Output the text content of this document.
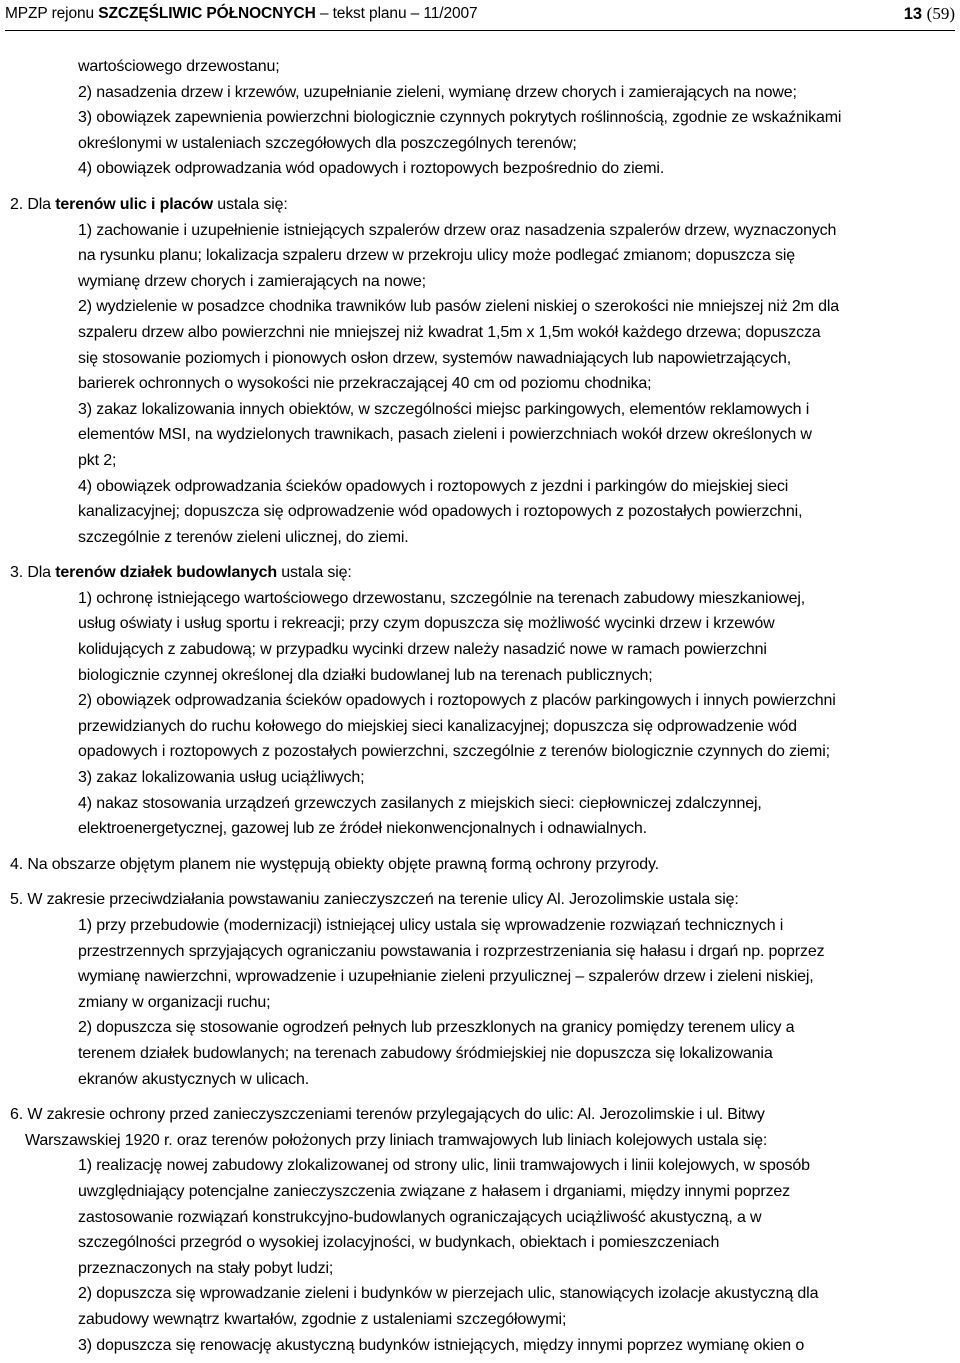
MPZP rejonu SZCZĘŚLIWIC PÓŁNOCNYCH – tekst planu – 11/2007	13 (59)
wartościowego drzewostanu;
2) nasadzenia drzew i krzewów, uzupełnianie zieleni, wymianę drzew chorych i zamierających na nowe;
3) obowiązek zapewnienia powierzchni biologicznie czynnych pokrytych roślinnością, zgodnie ze wskaźnikami
określonymi w ustaleniach szczegółowych dla poszczególnych terenów;
4) obowiązek odprowadzania wód opadowych i roztopowych bezpośrednio do ziemi.
2. Dla terenów ulic i placów ustala się:
1) zachowanie i uzupełnienie istniejących szpalerów drzew oraz nasadzenia szpalerów drzew, wyznaczonych
na rysunku planu; lokalizacja szpaleru drzew w przekroju ulicy może podlegać zmianom; dopuszcza się
wymianę drzew chorych i zamierających na nowe;
2) wydzielenie w posadzce chodnika trawników lub pasów zieleni niskiej o szerokości nie mniejszej niż 2m dla
szpaleru drzew albo powierzchni nie mniejszej niż kwadrat 1,5m x 1,5m wokół każdego drzewa; dopuszcza
się stosowanie poziomych i pionowych osłon drzew, systemów nawadniających lub napowietrzających,
barierek ochronnych o wysokości nie przekraczającej 40 cm od poziomu chodnika;
3) zakaz lokalizowania innych obiektów, w szczególności miejsc parkingowych, elementów reklamowych i
elementów MSI, na wydzielonych trawnikach, pasach zieleni i powierzchniach wokół drzew określonych w
pkt 2;
4) obowiązek odprowadzania ścieków opadowych i roztopowych z jezdni i parkingów do miejskiej sieci
kanalizacyjnej; dopuszcza się odprowadzenie wód opadowych i roztopowych z pozostałych powierzchni,
szczególnie z terenów zieleni ulicznej, do ziemi.
3. Dla terenów działek budowlanych ustala się:
1) ochronę istniejącego wartościowego drzewostanu, szczególnie na terenach zabudowy mieszkaniowej,
usług oświaty i usług sportu i rekreacji; przy czym dopuszcza się możliwość wycinki drzew i krzewów
kolidujących z zabudową; w przypadku wycinki drzew należy nasadzić nowe w ramach powierzchni
biologicznie czynnej określonej dla działki budowlanej lub na terenach publicznych;
2) obowiązek odprowadzania ścieków opadowych i roztopowych z placów parkingowych i innych powierzchni
przewidzianych do ruchu kołowego do miejskiej sieci kanalizacyjnej; dopuszcza się odprowadzenie wód
opadowych i roztopowych z pozostałych powierzchni, szczególnie z terenów biologicznie czynnych do ziemi;
3) zakaz lokalizowania usług uciążliwych;
4) nakaz stosowania urządzeń grzewczych zasilanych z miejskich sieci: ciepłowniczej zdalczynnej,
elektroenergetycznej, gazowej lub ze źródeł niekonwencjonalnych i odnawialnych.
4. Na obszarze objętym planem nie występują obiekty objęte prawną formą ochrony przyrody.
5. W zakresie przeciwdziałania powstawaniu zanieczyszczeń na terenie ulicy Al. Jerozolimskie ustala się:
1) przy przebudowie (modernizacji) istniejącej ulicy ustala się wprowadzenie rozwiązań technicznych i
przestrzennych sprzyjających ograniczaniu powstawania i rozprzestrzeniania się hałasu i drgań np. poprzez
wymianę nawierzchni, wprowadzenie i uzupełnianie zieleni przyulicznej – szpalerów drzew i zieleni niskiej,
zmiany w organizacji ruchu;
2) dopuszcza się stosowanie ogrodzeń pełnych lub przeszklonych na granicy pomiędzy terenem ulicy a
terenem działek budowlanych; na terenach zabudowy śródmiejskiej nie dopuszcza się lokalizowania
ekranów akustycznych w ulicach.
6. W zakresie ochrony przed zanieczyszczeniami terenów przylegających do ulic: Al. Jerozolimskie i ul. Bitwy
Warszawskiej 1920 r. oraz terenów położonych przy liniach tramwajowych lub liniach kolejowych ustala się:
1) realizację nowej zabudowy zlokalizowanej od strony ulic, linii tramwajowych i linii kolejowych, w sposób
uwzględniający potencjalne zanieczyszczenia związane z hałasem i drganiami, między innymi poprzez
zastosowanie rozwiązań konstrukcyjno-budowlanych ograniczających uciążliwość akustyczną, a w
szczególności przegród o wysokiej izolacyjności, w budynkach, obiektach i pomieszczeniach
przeznaczonych na stały pobyt ludzi;
2) dopuszcza się wprowadzanie zieleni i budynków w pierzejach ulic, stanowiących izolacje akustyczną dla
zabudowy wewnątrz kwartałów, zgodnie z ustaleniami szczegółowymi;
3) dopuszcza się renowację akustyczną budynków istniejących, między innymi poprzez wymianę okien o
